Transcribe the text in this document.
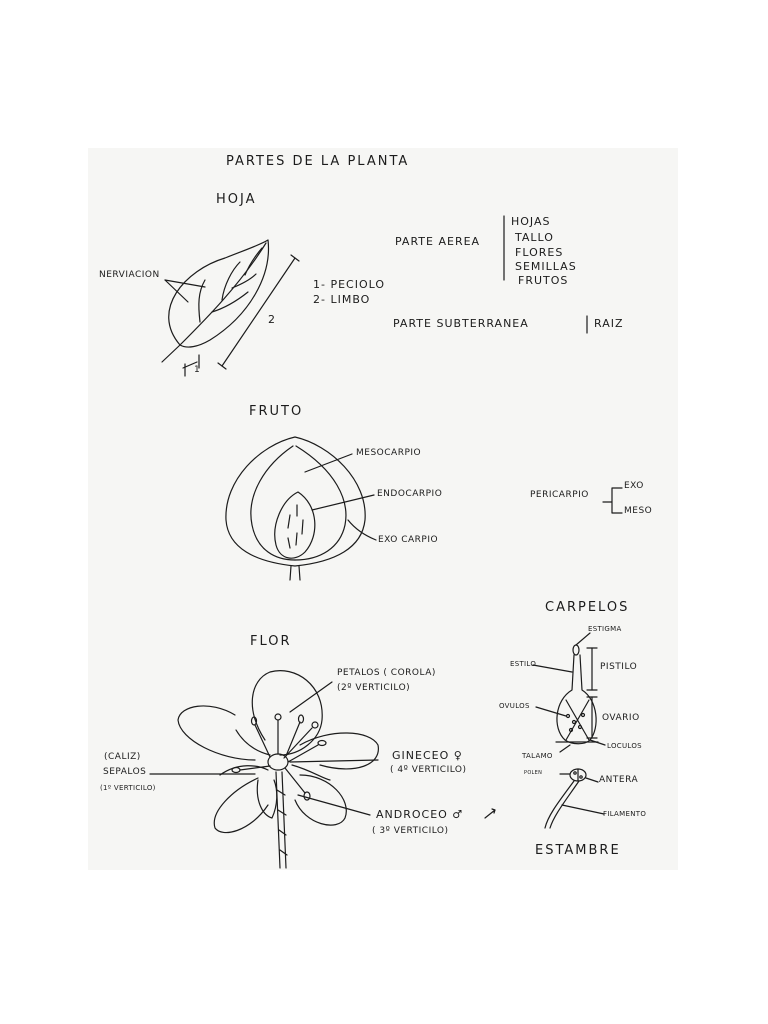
PARTES DE LA PLANTA
HOJA
NERVIACION
1- PECIOLO
2- LIMBO
2
1
PARTE AEREA
HOJAS
TALLO
FLORES
SEMILLAS
FRUTOS
PARTE SUBTERRANEA	RAIZ
FRUTO
MESOCARPIO
ENDOCARPIO
EXO CARPIO
PERICARPIO
EXO
MESO
FLOR
PETALOS ( COROLA)
(2º VERTICILO)
GINECEO ♀
( 4º VERTICILO)
ANDROCEO ♂
( 3º VERTICILO)
(CALIZ)
SEPALOS
(1º VERTICILO)
CARPELOS
ESTIGMA
ESTILO	PISTILO
OVULOS
OVARIO
TALAMO
LOCULOS
POLEN
ANTERA
FILAMENTO
ESTAMBRE
